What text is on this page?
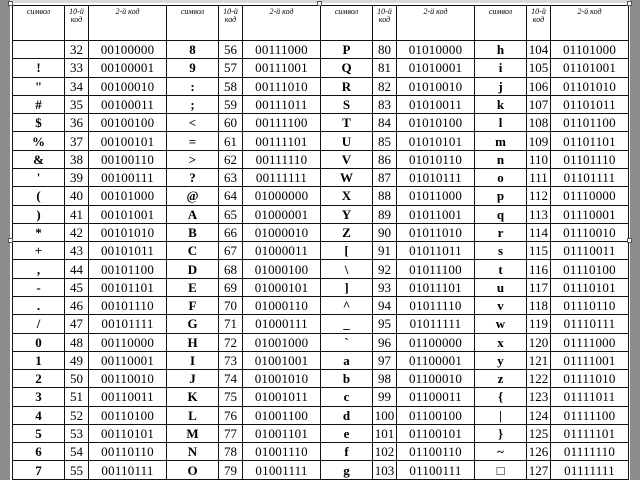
символ	10-й код	2-й код	символ	10-й код	2-й код	символ	10-й код	2-й код	символ	10-й код	2-й код
	32	00100000	8	56	00111000	P	80	01010000	h	104	01101000
!	33	00100001	9	57	00111001	Q	81	01010001	i	105	01101001
"	34	00100010	:	58	00111010	R	82	01010010	j	106	01101010
#	35	00100011	;	59	00111011	S	83	01010011	k	107	01101011
$	36	00100100	<	60	00111100	T	84	01010100	l	108	01101100
%	37	00100101	=	61	00111101	U	85	01010101	m	109	01101101
&	38	00100110	>	62	00111110	V	86	01010110	n	110	01101110
'	39	00100111	?	63	00111111	W	87	01010111	o	111	01101111
(	40	00101000	@	64	01000000	X	88	01011000	p	112	01110000
)	41	00101001	A	65	01000001	Y	89	01011001	q	113	01110001
*	42	00101010	B	66	01000010	Z	90	01011010	r	114	01110010
+	43	00101011	C	67	01000011	[	91	01011011	s	115	01110011
,	44	00101100	D	68	01000100	\	92	01011100	t	116	01110100
-	45	00101101	E	69	01000101	]	93	01011101	u	117	01110101
.	46	00101110	F	70	01000110	^	94	01011110	v	118	01110110
/	47	00101111	G	71	01000111	_	95	01011111	w	119	01110111
0	48	00110000	H	72	01001000	`	96	01100000	x	120	01111000
1	49	00110001	I	73	01001001	a	97	01100001	y	121	01111001
2	50	00110010	J	74	01001010	b	98	01100010	z	122	01111010
3	51	00110011	K	75	01001011	c	99	01100011	{	123	01111011
4	52	00110100	L	76	01001100	d	100	01100100	|	124	01111100
5	53	00110101	M	77	01001101	e	101	01100101	}	125	01111101
6	54	00110110	N	78	01001110	f	102	01100110	~	126	01111110
7	55	00110111	O	79	01001111	g	103	01100111	□	127	01111111
